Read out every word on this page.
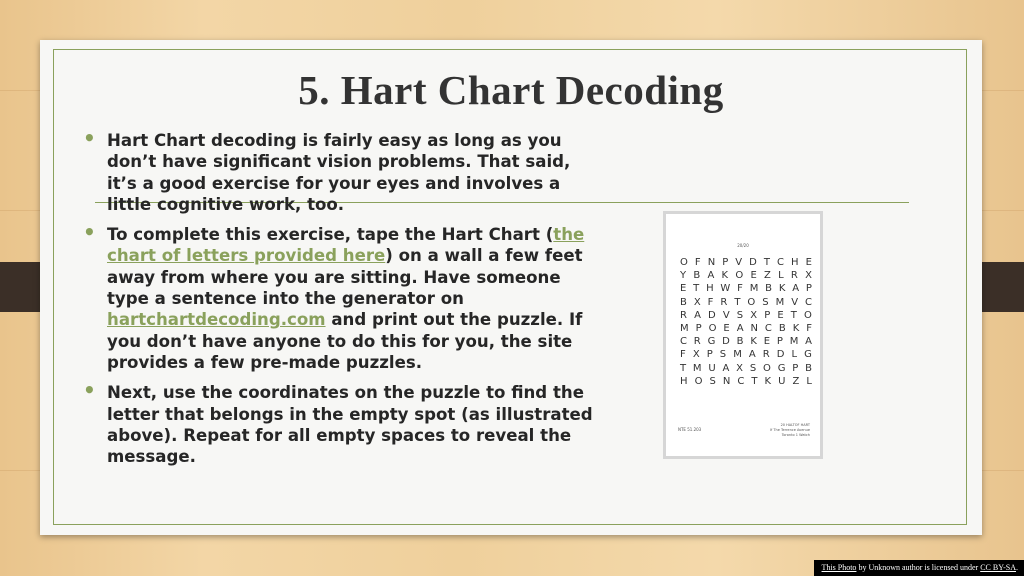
5. Hart Chart Decoding
• Hart Chart decoding is fairly easy as long as you don’t have significant vision problems. That said, it’s a good exercise for your eyes and involves a little cognitive work, too.
• To complete this exercise, tape the Hart Chart (the chart of letters provided here) on a wall a few feet away from where you are sitting. Have someone type a sentence into the generator on hartchartdecoding.com and print out the puzzle. If you don’t have anyone to do this for you, the site provides a few pre-made puzzles.
• Next, use the coordinates on the puzzle to find the letter that belongs in the empty spot (as illustrated above). Repeat for all empty spaces to reveal the message.
20/20
O F N P V D T C H E
Y B A K O E Z L R X
E T H W F M B K A P
B X F R T O S M V C
R A D V S X P E T O
M P O E A N C B K F
C R G D B K E P M A
F X P S M A R D L G
T M U A X S O G P B
H O S N C T K U Z L
NTE 51.203
20 HALTOF HART
If The Terrence Avenue
Toronto 1 Watch
This Photo by Unknown author is licensed under CC BY-SA.
